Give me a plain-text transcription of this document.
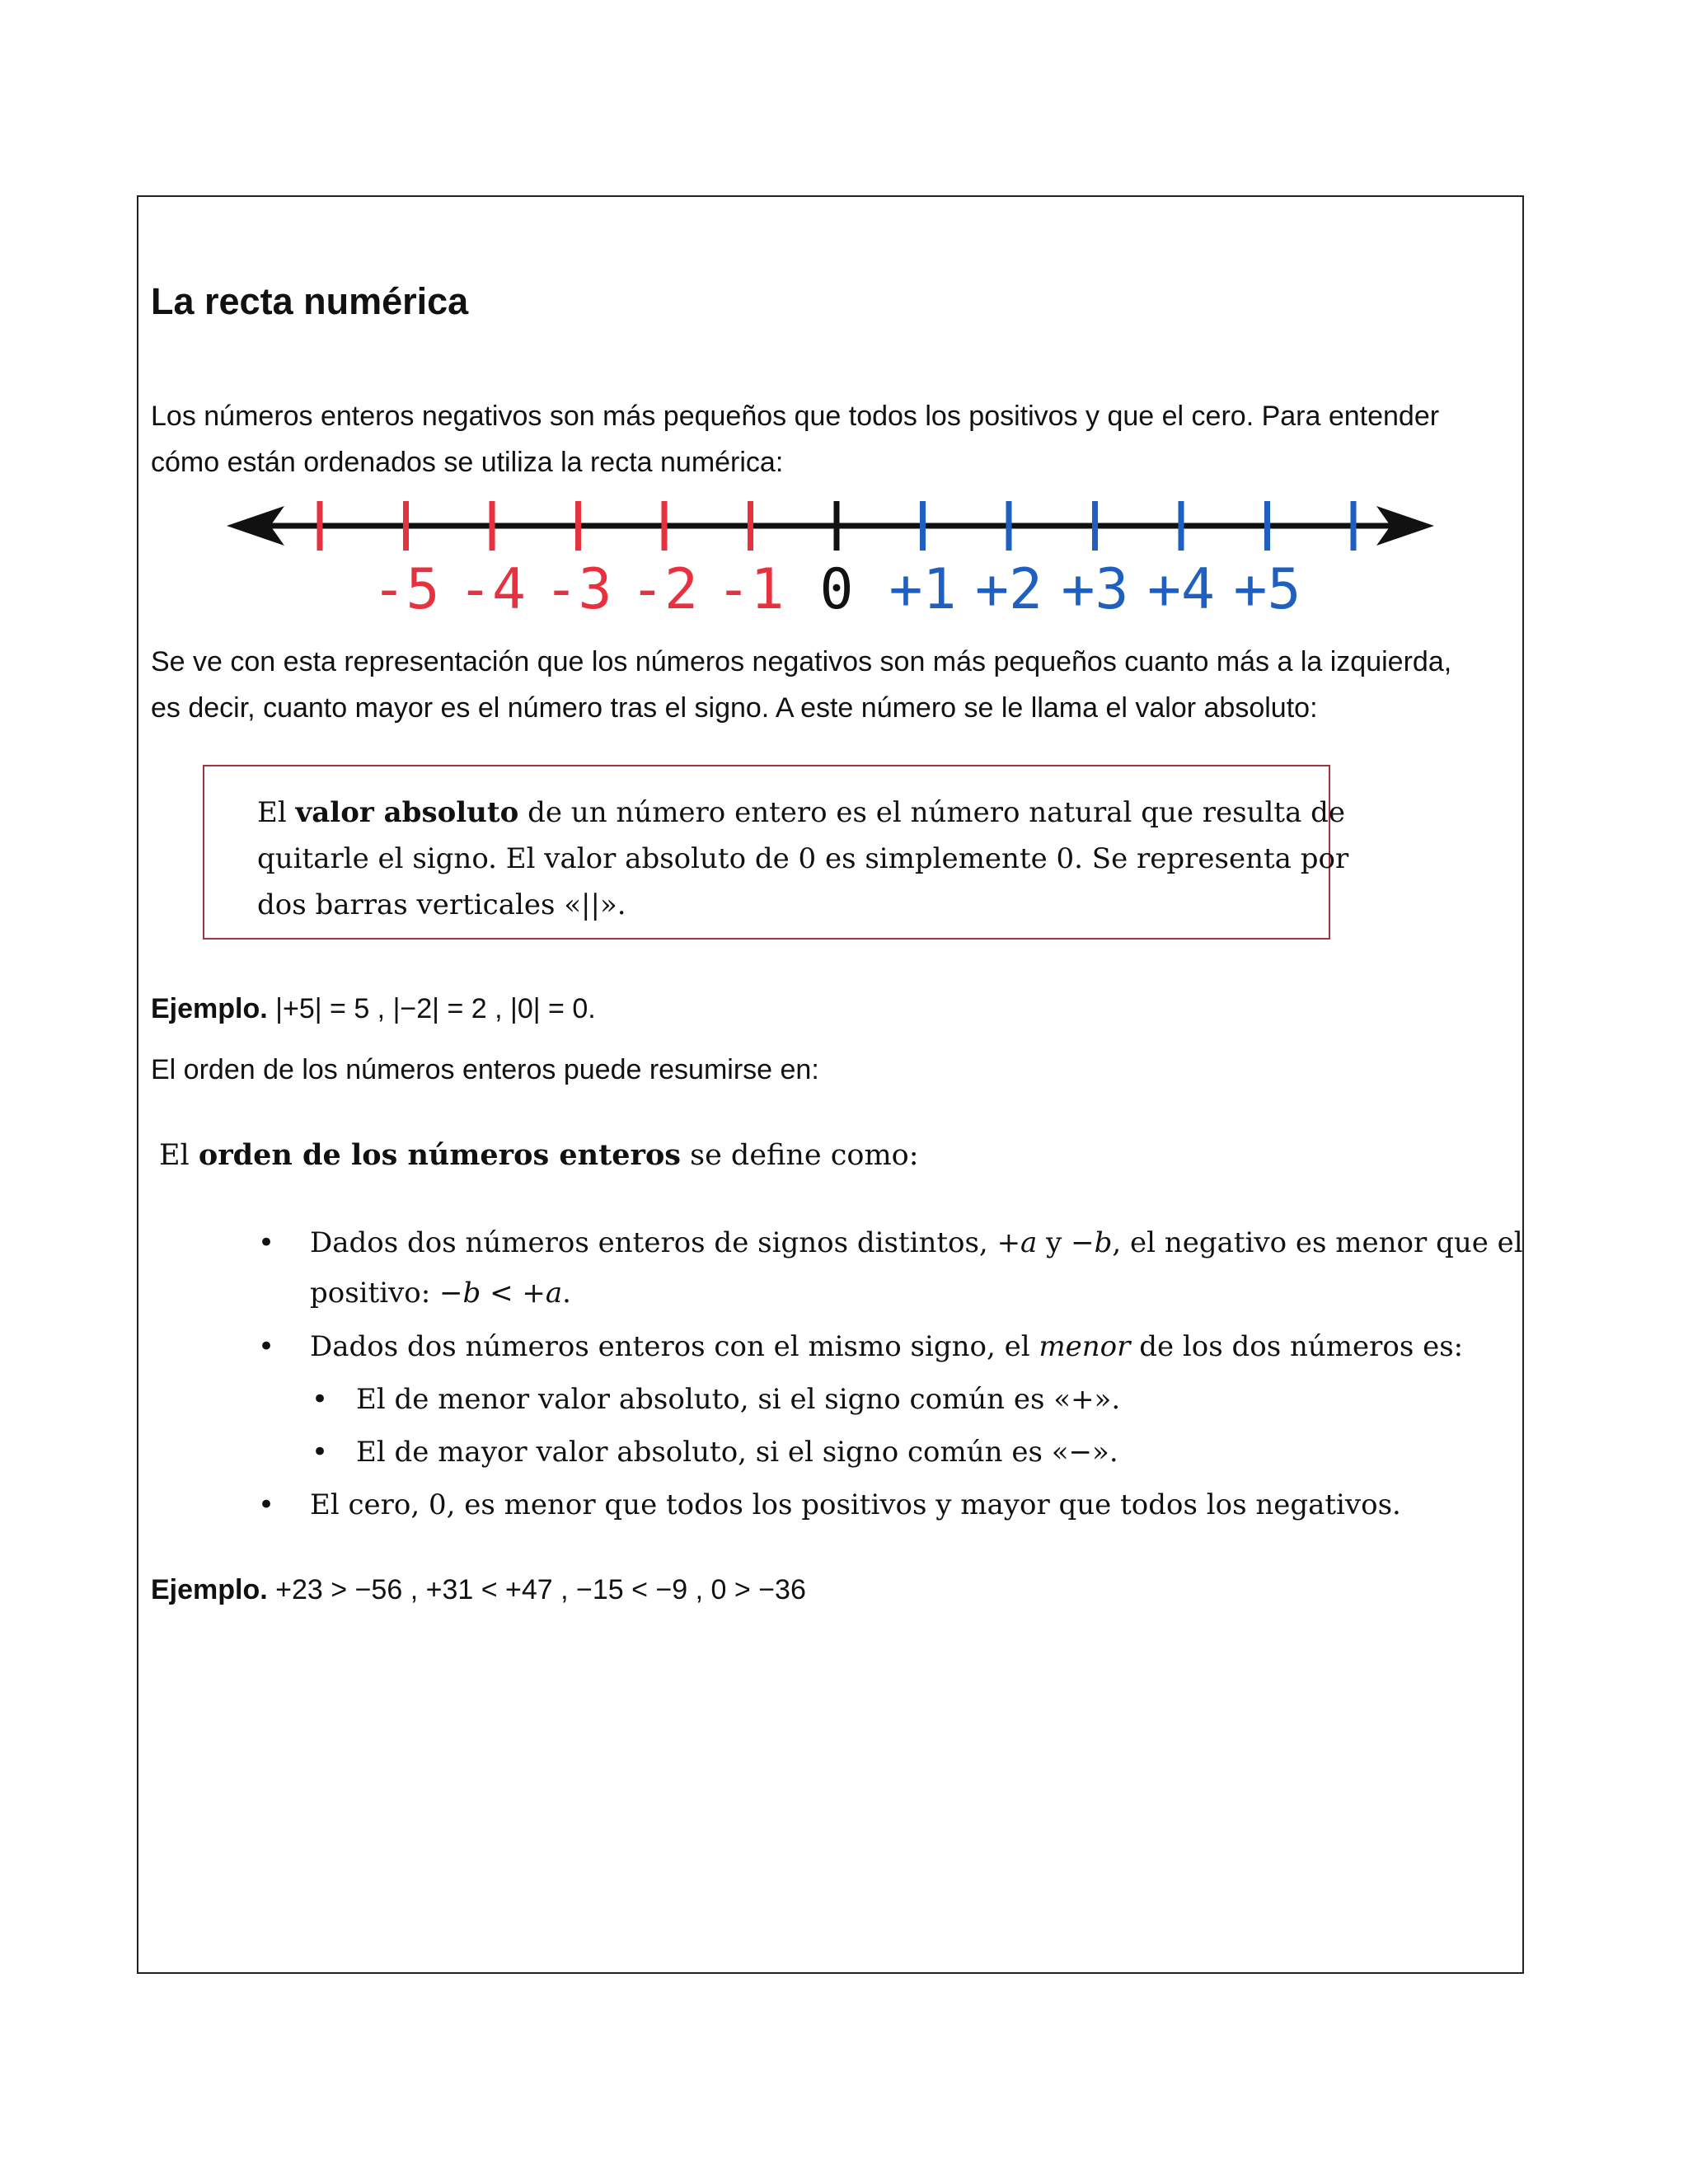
La recta numérica
Los números enteros negativos son más pequeños que todos los positivos y que el cero. Para entender
cómo están ordenados se utiliza la recta numérica:
-5 -4 -3 -2 -1 0 +1 +2 +3 +4 +5
Se ve con esta representación que los números negativos son más pequeños cuanto más a la izquierda,
es decir, cuanto mayor es el número tras el signo. A este número se le llama el valor absoluto:
El valor absoluto de un número entero es el número natural que resulta de
quitarle el signo. El valor absoluto de 0 es simplemente 0. Se representa por
dos barras verticales «||».
Ejemplo. |+5| = 5 , |−2| = 2 , |0| = 0.
El orden de los números enteros puede resumirse en:
El orden de los números enteros se define como:
• Dados dos números enteros de signos distintos, +a y −b, el negativo es menor que el
positivo: −b < +a.
• Dados dos números enteros con el mismo signo, el menor de los dos números es:
• El de menor valor absoluto, si el signo común es «+».
• El de mayor valor absoluto, si el signo común es «−».
• El cero, 0, es menor que todos los positivos y mayor que todos los negativos.
Ejemplo. +23 > −56 , +31 < +47 , −15 < −9 , 0 > −36
